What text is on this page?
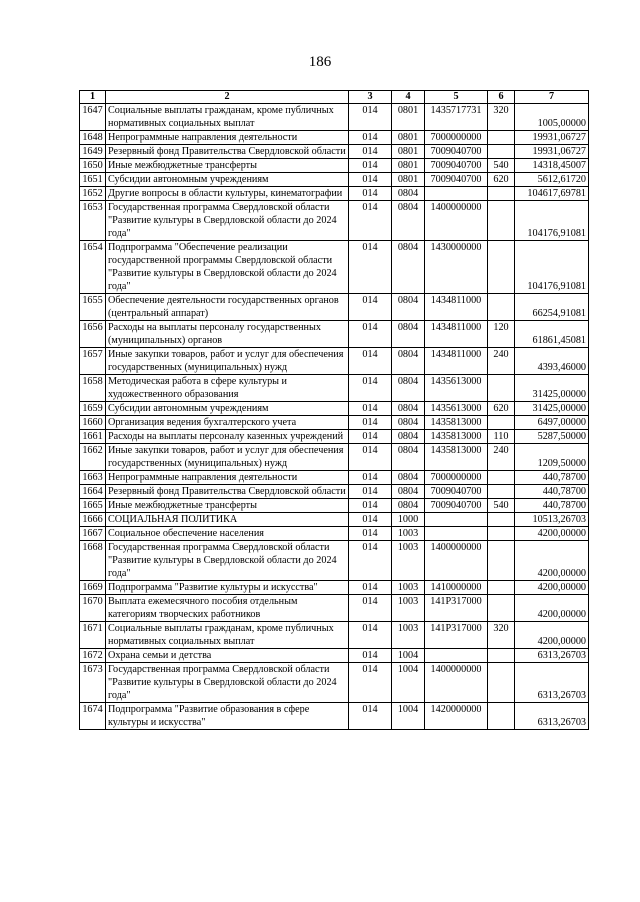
186
1	2	3	4	5	6	7
1647	Социальные выплаты гражданам, кроме публичных нормативных социальных выплат	014	0801	1435717731	320	1005,00000
1648	Непрограммные направления деятельности	014	0801	7000000000		19931,06727
1649	Резервный фонд Правительства Свердловской области	014	0801	7009040700		19931,06727
1650	Иные межбюджетные трансферты	014	0801	7009040700	540	14318,45007
1651	Субсидии автономным учреждениям	014	0801	7009040700	620	5612,61720
1652	Другие вопросы в области культуры, кинематографии	014	0804			104617,69781
1653	Государственная программа Свердловской области "Развитие культуры в Свердловской области до 2024 года"	014	0804	1400000000		104176,91081
1654	Подпрограмма "Обеспечение реализации государственной программы Свердловской области "Развитие культуры в Свердловской области до 2024 года"	014	0804	1430000000		104176,91081
1655	Обеспечение деятельности государственных органов (центральный аппарат)	014	0804	1434811000		66254,91081
1656	Расходы на выплаты персоналу государственных (муниципальных) органов	014	0804	1434811000	120	61861,45081
1657	Иные закупки товаров, работ и услуг для обеспечения государственных (муниципальных) нужд	014	0804	1434811000	240	4393,46000
1658	Методическая работа в сфере культуры и художественного образования	014	0804	1435613000		31425,00000
1659	Субсидии автономным учреждениям	014	0804	1435613000	620	31425,00000
1660	Организация ведения бухгалтерского учета	014	0804	1435813000		6497,00000
1661	Расходы на выплаты персоналу казенных учреждений	014	0804	1435813000	110	5287,50000
1662	Иные закупки товаров, работ и услуг для обеспечения государственных (муниципальных) нужд	014	0804	1435813000	240	1209,50000
1663	Непрограммные направления деятельности	014	0804	7000000000		440,78700
1664	Резервный фонд Правительства Свердловской области	014	0804	7009040700		440,78700
1665	Иные межбюджетные трансферты	014	0804	7009040700	540	440,78700
1666	СОЦИАЛЬНАЯ ПОЛИТИКА	014	1000			10513,26703
1667	Социальное обеспечение населения	014	1003			4200,00000
1668	Государственная программа Свердловской области "Развитие культуры в Свердловской области до 2024 года"	014	1003	1400000000		4200,00000
1669	Подпрограмма "Развитие культуры и искусства"	014	1003	1410000000		4200,00000
1670	Выплата ежемесячного пособия отдельным категориям творческих работников	014	1003	141P317000		4200,00000
1671	Социальные выплаты гражданам, кроме публичных нормативных социальных выплат	014	1003	141P317000	320	4200,00000
1672	Охрана семьи и детства	014	1004			6313,26703
1673	Государственная программа Свердловской области "Развитие культуры в Свердловской области до 2024 года"	014	1004	1400000000		6313,26703
1674	Подпрограмма "Развитие образования в сфере культуры и искусства"	014	1004	1420000000		6313,26703
